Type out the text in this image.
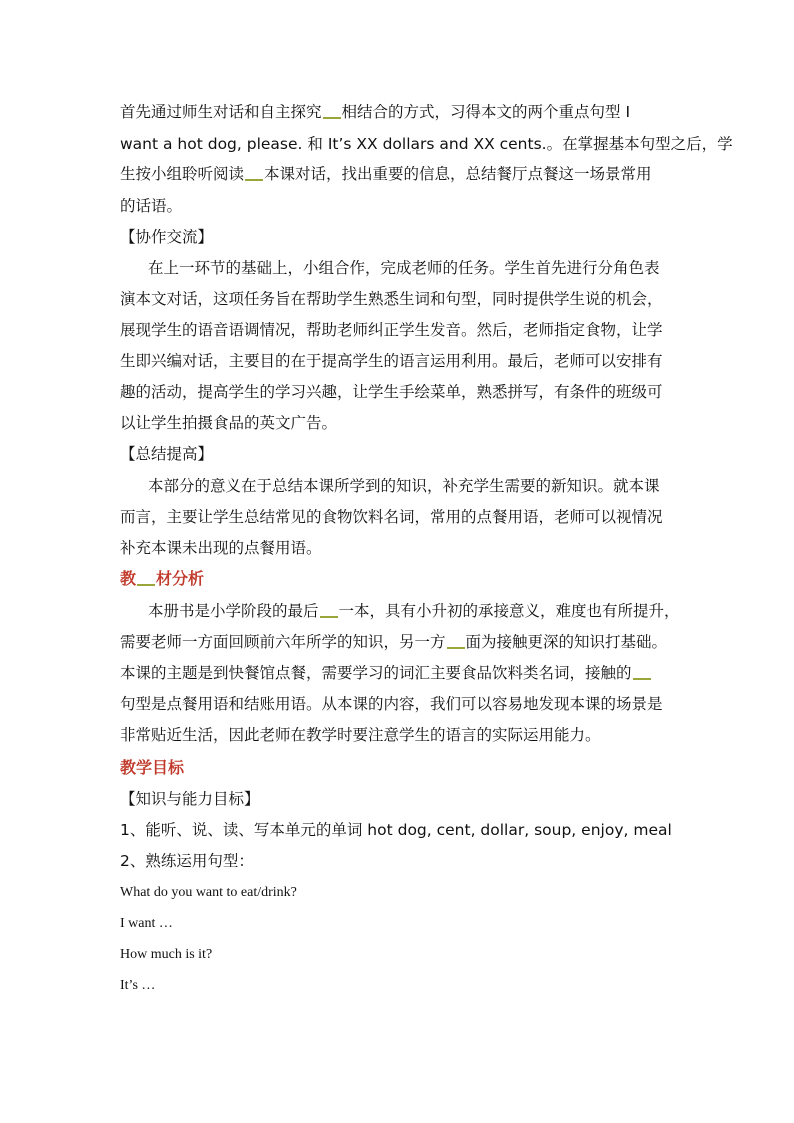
首先通过师生对话和自主探究 相结合的方式，习得本文的两个重点句型 I
want a hot dog, please. 和 It’s XX dollars and XX cents.。在掌握基本句型之后，学
生按小组聆听阅读 本课对话，找出重要的信息，总结餐厅点餐这一场景常用
的话语。
【协作交流】
在上一环节的基础上，小组合作，完成老师的任务。学生首先进行分角色表
演本文对话，这项任务旨在帮助学生熟悉生词和句型，同时提供学生说的机会，
展现学生的语音语调情况，帮助老师纠正学生发音。然后，老师指定食物，让学
生即兴编对话，主要目的在于提高学生的语言运用利用。最后，老师可以安排有
趣的活动，提高学生的学习兴趣，让学生手绘菜单，熟悉拼写，有条件的班级可
以让学生拍摄食品的英文广告。
【总结提高】
本部分的意义在于总结本课所学到的知识，补充学生需要的新知识。就本课
而言，主要让学生总结常见的食物饮料名词，常用的点餐用语，老师可以视情况
补充本课未出现的点餐用语。
教 材分析
本册书是小学阶段的最后 一本，具有小升初的承接意义，难度也有所提升，
需要老师一方面回顾前六年所学的知识，另一方 面为接触更深的知识打基础。
本课的主题是到快餐馆点餐，需要学习的词汇主要食品饮料类名词，接触的
句型是点餐用语和结账用语。从本课的内容，我们可以容易地发现本课的场景是
非常贴近生活，因此老师在教学时要注意学生的语言的实际运用能力。
教学目标
【知识与能力目标】
1、能听、说、读、写本单元的单词 hot dog, cent, dollar, soup, enjoy, meal
2、熟练运用句型：
What do you want to eat/drink?
I want …
How much is it?
It’s …
